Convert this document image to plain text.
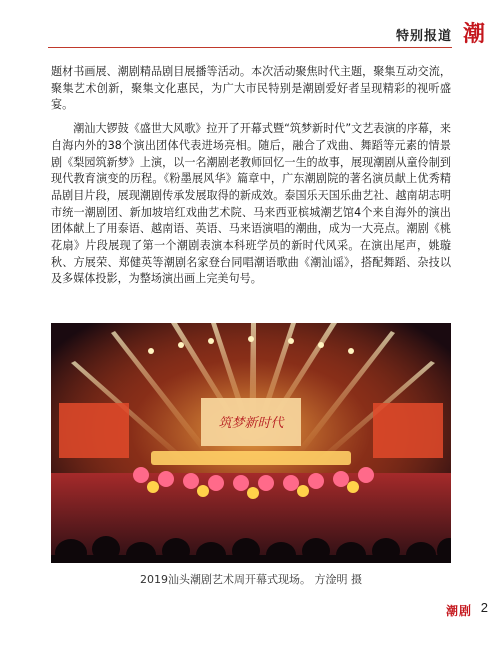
特别报道 潮

题材书画展、潮剧精品剧目展播等活动。本次活动聚焦时代主题，聚集互动交流，聚集艺术创新，聚集文化惠民，为广大市民特别是潮剧爱好者呈现精彩的视听盛宴。

潮汕大锣鼓《盛世大风歌》拉开了开幕式暨“筑梦新时代”文艺表演的序幕，来自海内外的38个演出团体代表进场亮相。随后，融合了戏曲、舞蹈等元素的情景剧《梨园筑新梦》上演，以一名潮剧老教师回忆一生的故事，展现潮剧从童伶制到现代教育演变的历程。《粉墨展风华》篇章中，广东潮剧院的著名演员献上优秀精品剧目片段，展现潮剧传承发展取得的新成效。泰国乐天国乐曲艺社、越南胡志明市统一潮剧团、新加坡培红戏曲艺术院、马来西亚槟城潮艺馆4个来自海外的演出团体献上了用泰语、越南语、英语、马来语演唱的潮曲，成为一大亮点。潮剧《桃花扇》片段展现了第一个潮剧表演本科班学员的新时代风采。在演出尾声，姚璇秋、方展荣、郑健英等潮剧名家登台同唱潮语歌曲《潮汕谣》，搭配舞蹈、杂技以及多媒体投影，为整场演出画上完美句号。

筑梦新时代
2019汕头潮剧艺术周开幕式现场。 方淦明 摄
潮剧 2
